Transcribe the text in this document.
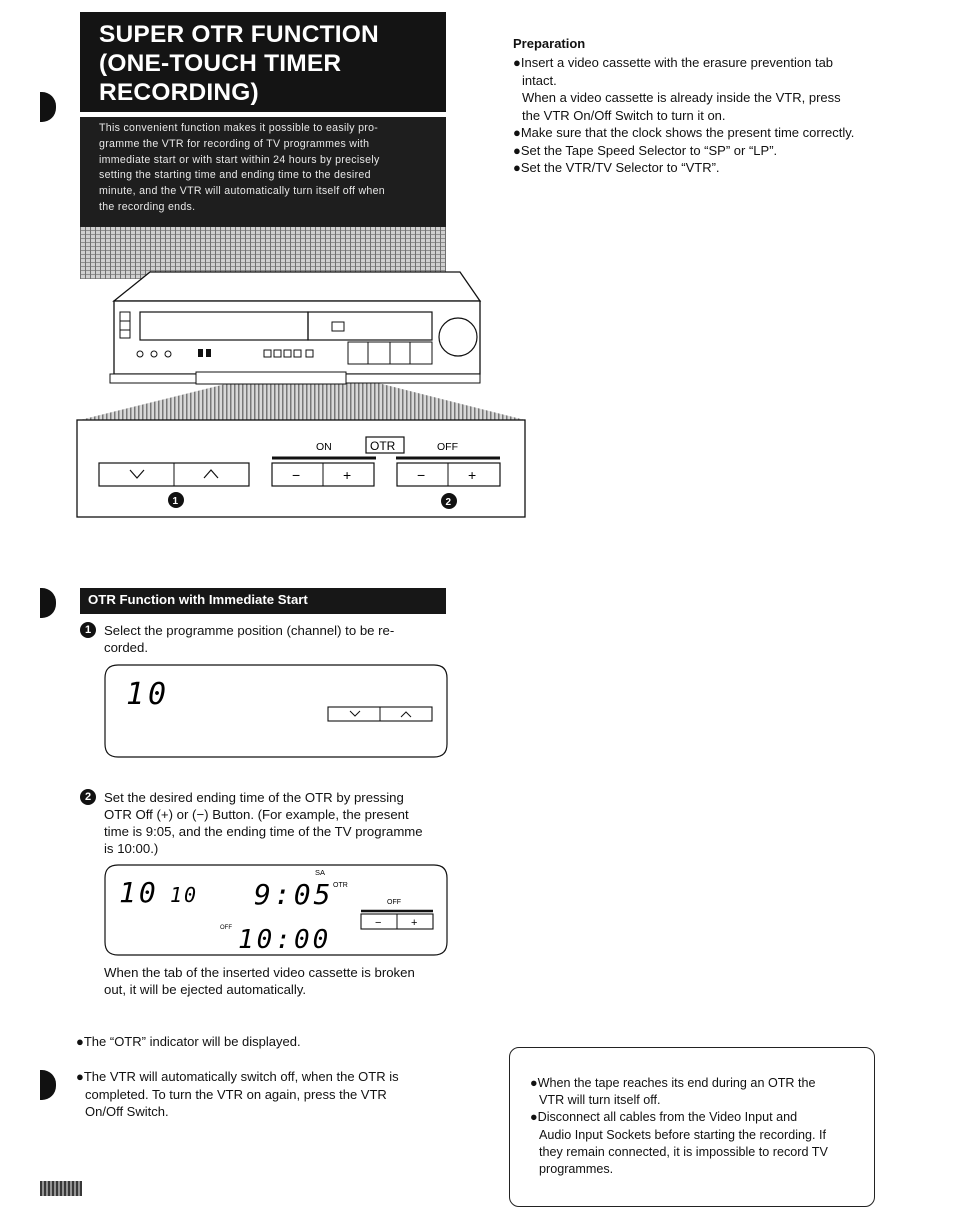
SUPER OTR FUNCTION
(ONE-TOUCH TIMER
RECORDING)
This convenient function makes it possible to easily pro-
gramme the VTR for recording of TV programmes with
immediate start or with start within 24 hours by precisely
setting the starting time and ending time to the desired
minute, and the VTR will automatically turn itself off when
the recording ends.
ON	OTR	OFF
−	+	−	+
1	2
Preparation
●Insert a video cassette with the erasure prevention tab
intact.
When a video cassette is already inside the VTR, press
the VTR On/Off Switch to turn it on.
●Make sure that the clock shows the present time correctly.
●Set the Tape Speed Selector to “SP” or “LP”.
●Set the VTR/TV Selector to “VTR”.
OTR Function with Immediate Start
1 Select the programme position (channel) to be re-
corded.
10
2 Set the desired ending time of the OTR by pressing
OTR Off (+) or (−) Button. (For example, the present
time is 9:05, and the ending time of the TV programme
is 10:00.)
10 10 9:05
SA
OTR
OFF
−	+
OFF 10:00
When the tab of the inserted video cassette is broken
out, it will be ejected automatically.
●The “OTR” indicator will be displayed.
●The VTR will automatically switch off, when the OTR is
completed. To turn the VTR on again, press the VTR
On/Off Switch.
●When the tape reaches its end during an OTR the
VTR will turn itself off.
●Disconnect all cables from the Video Input and
Audio Input Sockets before starting the recording. If
they remain connected, it is impossible to record TV
programmes.
